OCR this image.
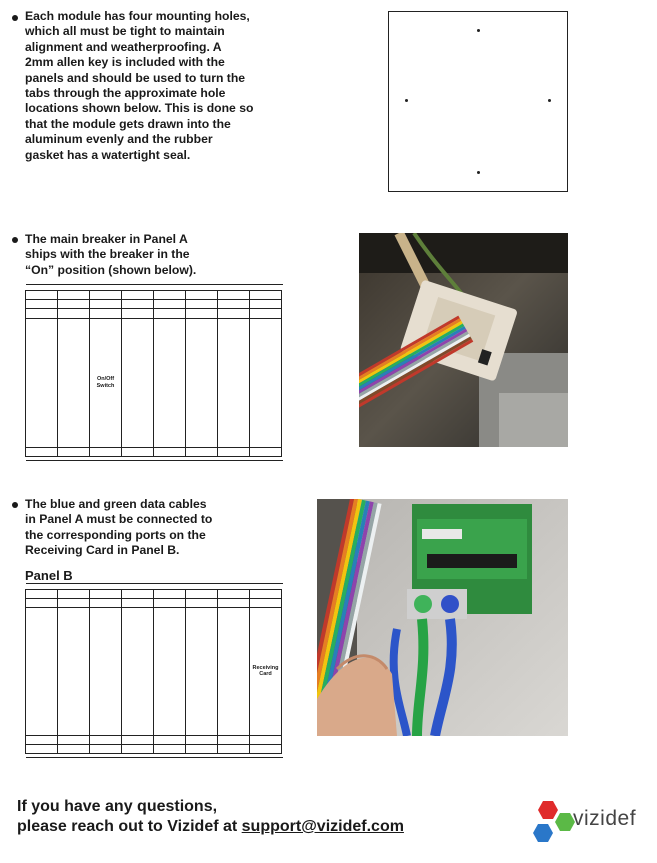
Each module has four mounting holes,
which all must be tight to maintain
alignment and weatherproofing. A
2mm allen key is included with the
panels and should be used to turn the
tabs through the approximate hole
locations shown below. This is done so
that the module gets drawn into the
aluminum evenly and the rubber
gasket has a watertight seal.
The main breaker in Panel A
ships with the breaker in the
“On” position (shown below).

		On/Off
Switch					

The blue and green data cables
in Panel A must be connected to
the corresponding ports on the
Receiving Card in Panel B.
Panel B

							Receiving
Card

If you have any questions,
please reach out to Vizidef at support@vizidef.com	vizidef
